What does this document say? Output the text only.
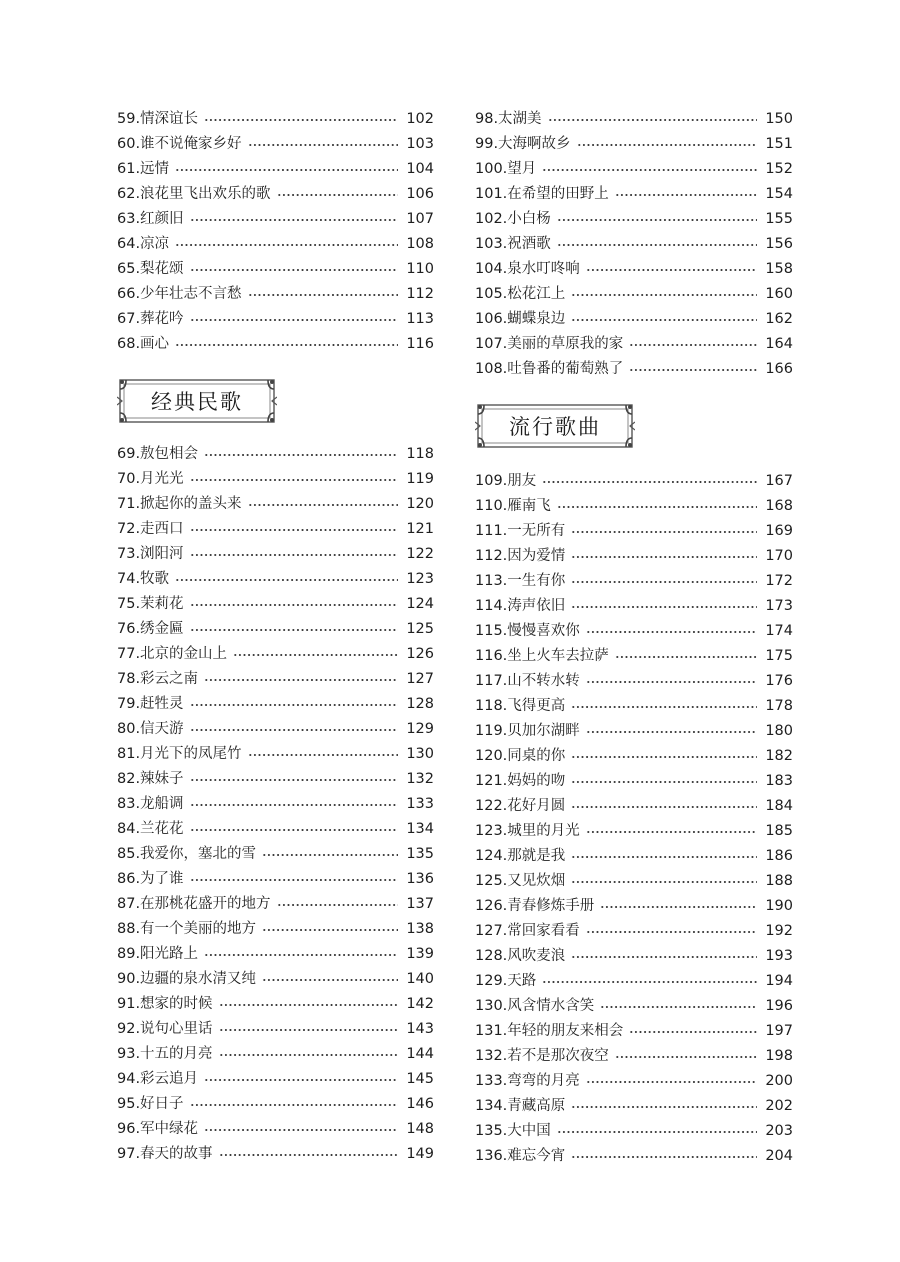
59.情深谊长	102
60.谁不说俺家乡好	103
61.远情	104
62.浪花里飞出欢乐的歌	106
63.红颜旧	107
64.凉凉	108
65.梨花颂	110
66.少年壮志不言愁	112
67.葬花吟	113
68.画心	116
经典民歌
69.敖包相会	118
70.月光光	119
71.掀起你的盖头来	120
72.走西口	121
73.浏阳河	122
74.牧歌	123
75.茉莉花	124
76.绣金匾	125
77.北京的金山上	126
78.彩云之南	127
79.赶牲灵	128
80.信天游	129
81.月光下的凤尾竹	130
82.辣妹子	132
83.龙船调	133
84.兰花花	134
85.我爱你，塞北的雪	135
86.为了谁	136
87.在那桃花盛开的地方	137
88.有一个美丽的地方	138
89.阳光路上	139
90.边疆的泉水清又纯	140
91.想家的时候	142
92.说句心里话	143
93.十五的月亮	144
94.彩云追月	145
95.好日子	146
96.军中绿花	148
97.春天的故事	149
98.太湖美	150
99.大海啊故乡	151
100.望月	152
101.在希望的田野上	154
102.小白杨	155
103.祝酒歌	156
104.泉水叮咚响	158
105.松花江上	160
106.蝴蝶泉边	162
107.美丽的草原我的家	164
108.吐鲁番的葡萄熟了	166
流行歌曲
109.朋友	167
110.雁南飞	168
111.一无所有	169
112.因为爱情	170
113.一生有你	172
114.涛声依旧	173
115.慢慢喜欢你	174
116.坐上火车去拉萨	175
117.山不转水转	176
118.飞得更高	178
119.贝加尔湖畔	180
120.同桌的你	182
121.妈妈的吻	183
122.花好月圆	184
123.城里的月光	185
124.那就是我	186
125.又见炊烟	188
126.青春修炼手册	190
127.常回家看看	192
128.风吹麦浪	193
129.天路	194
130.风含情水含笑	196
131.年轻的朋友来相会	197
132.若不是那次夜空	198
133.弯弯的月亮	200
134.青藏高原	202
135.大中国	203
136.难忘今宵	204
